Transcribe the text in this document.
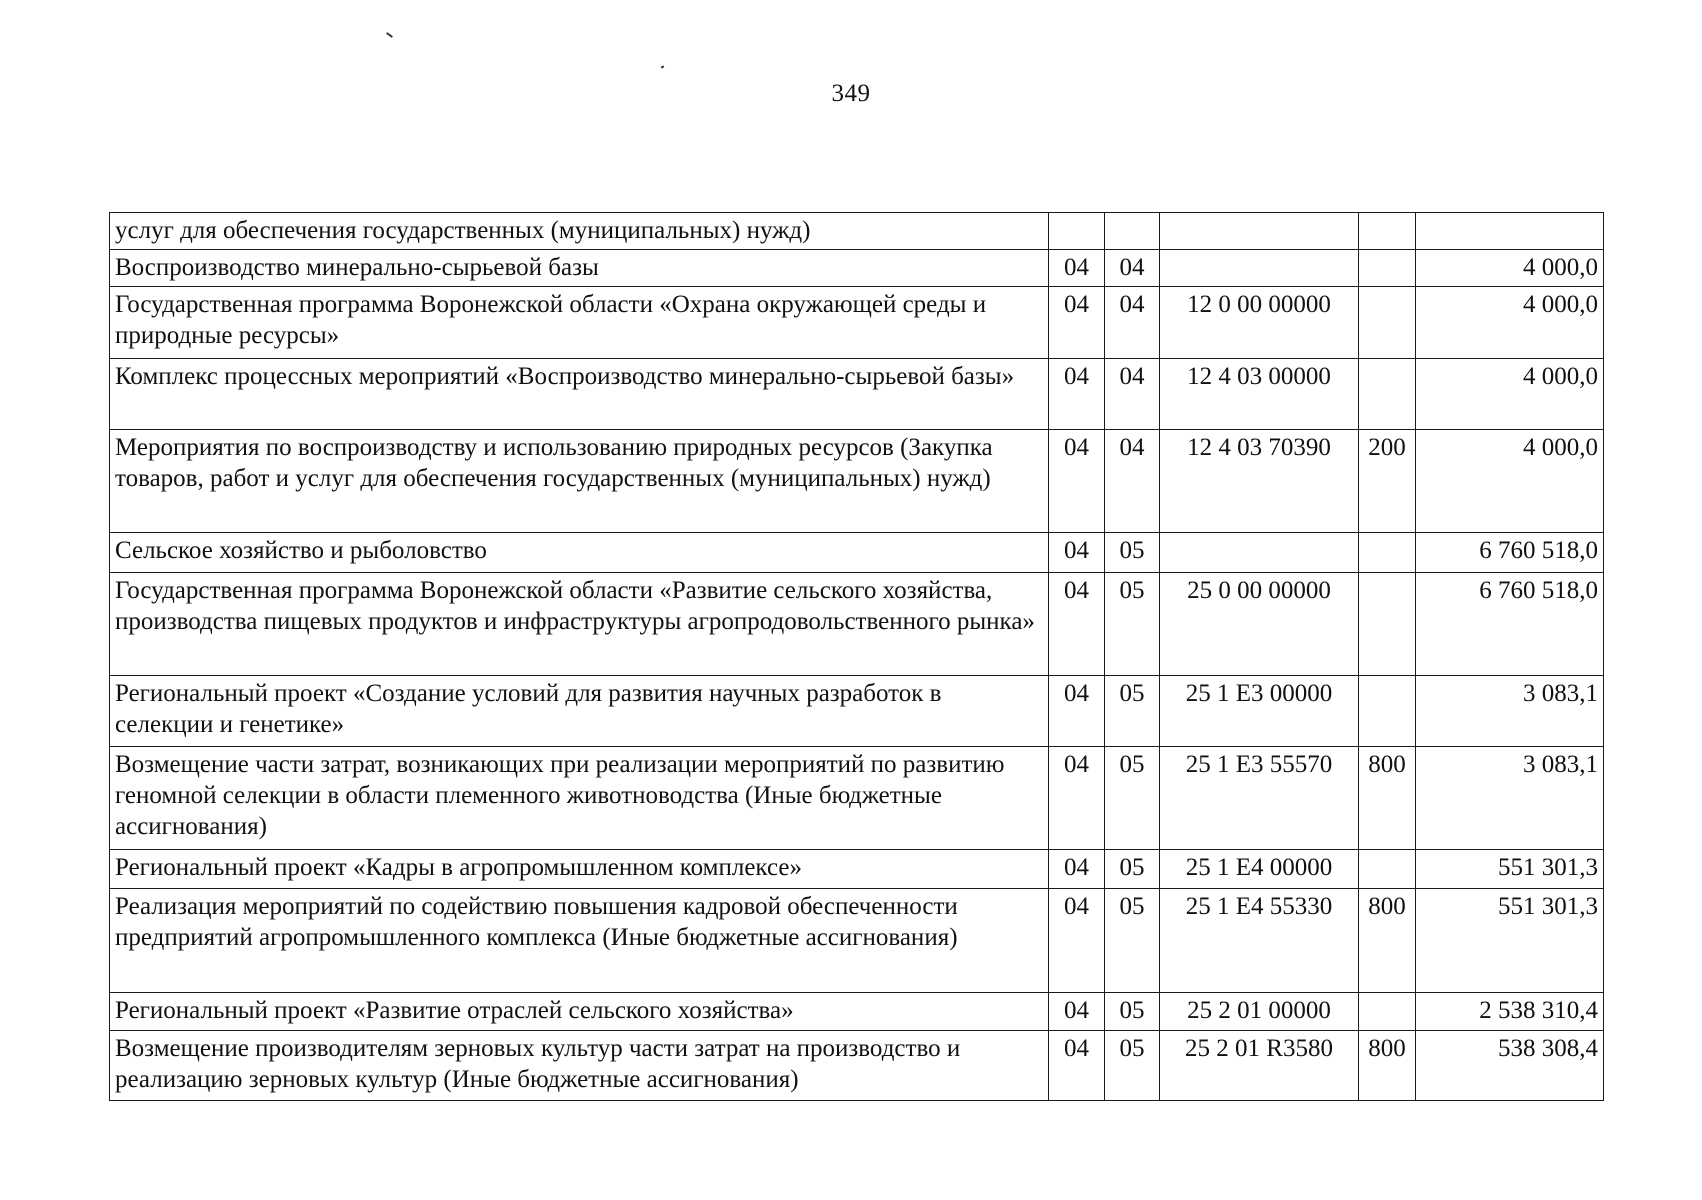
349
услуг для обеспечения государственных (муниципальных) нужд)					
Воспроизводство минерально-сырьевой базы	04	04			4 000,0
Государственная программа Воронежской области «Охрана окружающей среды и природные ресурсы»	04	04	12 0 00 00000		4 000,0
Комплекс процессных мероприятий «Воспроизводство минерально-сырьевой базы»	04	04	12 4 03 00000		4 000,0
Мероприятия по воспроизводству и использованию природных ресурсов (Закупка товаров, работ и услуг для обеспечения государственных (муниципальных) нужд)	04	04	12 4 03 70390	200	4 000,0
Сельское хозяйство и рыболовство	04	05			6 760 518,0
Государственная программа Воронежской области «Развитие сельского хозяйства, производства пищевых продуктов и инфраструктуры агропродовольственного рынка»	04	05	25 0 00 00000		6 760 518,0
Региональный проект «Создание условий для развития научных разработок в селекции и генетике»	04	05	25 1 Е3 00000		3 083,1
Возмещение части затрат, возникающих при реализации мероприятий по развитию геномной селекции в области племенного животноводства (Иные бюджетные ассигнования)	04	05	25 1 Е3 55570	800	3 083,1
Региональный проект «Кадры в агропромышленном комплексе»	04	05	25 1 Е4 00000		551 301,3
Реализация мероприятий по содействию повышения кадровой обеспеченности предприятий агропромышленного комплекса (Иные бюджетные ассигнования)	04	05	25 1 Е4 55330	800	551 301,3
Региональный проект «Развитие отраслей сельского хозяйства»	04	05	25 2 01 00000		2 538 310,4
Возмещение производителям зерновых культур части затрат на производство и реализацию зерновых культур (Иные бюджетные ассигнования)	04	05	25 2 01 R3580	800	538 308,4
